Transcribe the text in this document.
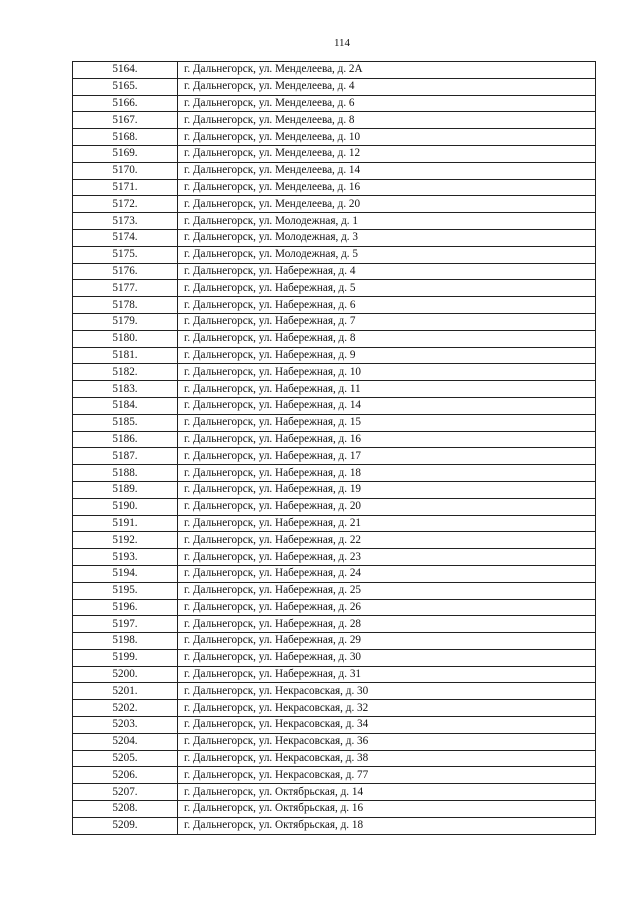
114
5164.	г. Дальнегорск, ул. Менделеева, д. 2А
5165.	г. Дальнегорск, ул. Менделеева, д. 4
5166.	г. Дальнегорск, ул. Менделеева, д. 6
5167.	г. Дальнегорск, ул. Менделеева, д. 8
5168.	г. Дальнегорск, ул. Менделеева, д. 10
5169.	г. Дальнегорск, ул. Менделеева, д. 12
5170.	г. Дальнегорск, ул. Менделеева, д. 14
5171.	г. Дальнегорск, ул. Менделеева, д. 16
5172.	г. Дальнегорск, ул. Менделеева, д. 20
5173.	г. Дальнегорск, ул. Молодежная, д. 1
5174.	г. Дальнегорск, ул. Молодежная, д. 3
5175.	г. Дальнегорск, ул. Молодежная, д. 5
5176.	г. Дальнегорск, ул. Набережная, д. 4
5177.	г. Дальнегорск, ул. Набережная, д. 5
5178.	г. Дальнегорск, ул. Набережная, д. 6
5179.	г. Дальнегорск, ул. Набережная, д. 7
5180.	г. Дальнегорск, ул. Набережная, д. 8
5181.	г. Дальнегорск, ул. Набережная, д. 9
5182.	г. Дальнегорск, ул. Набережная, д. 10
5183.	г. Дальнегорск, ул. Набережная, д. 11
5184.	г. Дальнегорск, ул. Набережная, д. 14
5185.	г. Дальнегорск, ул. Набережная, д. 15
5186.	г. Дальнегорск, ул. Набережная, д. 16
5187.	г. Дальнегорск, ул. Набережная, д. 17
5188.	г. Дальнегорск, ул. Набережная, д. 18
5189.	г. Дальнегорск, ул. Набережная, д. 19
5190.	г. Дальнегорск, ул. Набережная, д. 20
5191.	г. Дальнегорск, ул. Набережная, д. 21
5192.	г. Дальнегорск, ул. Набережная, д. 22
5193.	г. Дальнегорск, ул. Набережная, д. 23
5194.	г. Дальнегорск, ул. Набережная, д. 24
5195.	г. Дальнегорск, ул. Набережная, д. 25
5196.	г. Дальнегорск, ул. Набережная, д. 26
5197.	г. Дальнегорск, ул. Набережная, д. 28
5198.	г. Дальнегорск, ул. Набережная, д. 29
5199.	г. Дальнегорск, ул. Набережная, д. 30
5200.	г. Дальнегорск, ул. Набережная, д. 31
5201.	г. Дальнегорск, ул. Некрасовская, д. 30
5202.	г. Дальнегорск, ул. Некрасовская, д. 32
5203.	г. Дальнегорск, ул. Некрасовская, д. 34
5204.	г. Дальнегорск, ул. Некрасовская, д. 36
5205.	г. Дальнегорск, ул. Некрасовская, д. 38
5206.	г. Дальнегорск, ул. Некрасовская, д. 77
5207.	г. Дальнегорск, ул. Октябрьская, д. 14
5208.	г. Дальнегорск, ул. Октябрьская, д. 16
5209.	г. Дальнегорск, ул. Октябрьская, д. 18
